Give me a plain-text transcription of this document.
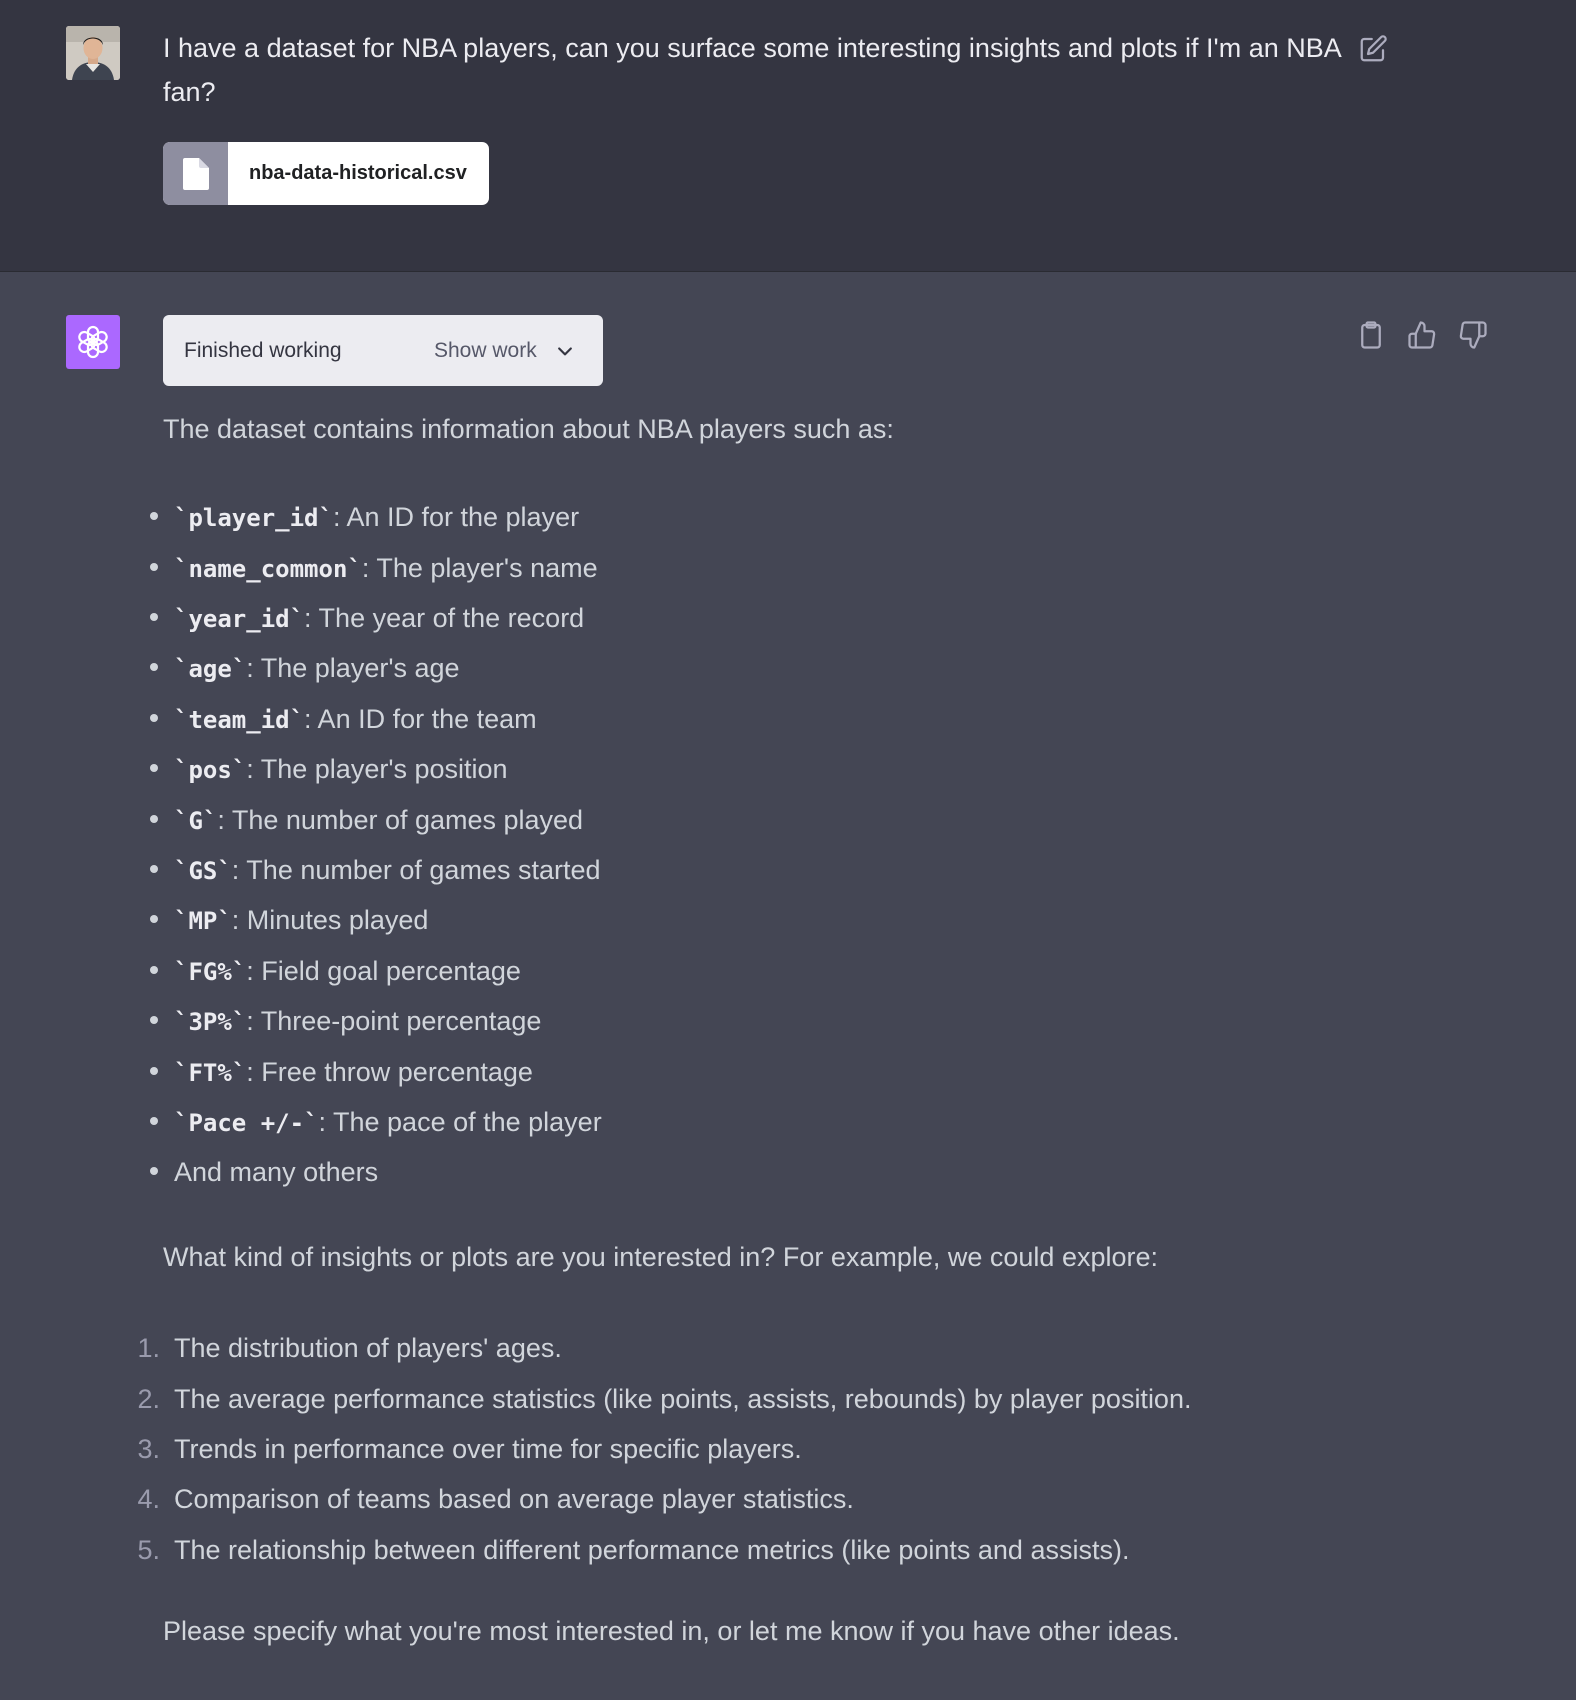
I have a dataset for NBA players, can you surface some interesting insights and plots if I'm an NBA fan?
nba-data-historical.csv
Finished working	Show work
The dataset contains information about NBA players such as:
`player_id`: An ID for the player
`name_common`: The player's name
`year_id`: The year of the record
`age`: The player's age
`team_id`: An ID for the team
`pos`: The player's position
`G`: The number of games played
`GS`: The number of games started
`MP`: Minutes played
`FG%`: Field goal percentage
`3P%`: Three-point percentage
`FT%`: Free throw percentage
`Pace +/-`: The pace of the player
And many others
What kind of insights or plots are you interested in? For example, we could explore:
1. The distribution of players' ages.
2. The average performance statistics (like points, assists, rebounds) by player position.
3. Trends in performance over time for specific players.
4. Comparison of teams based on average player statistics.
5. The relationship between different performance metrics (like points and assists).
Please specify what you're most interested in, or let me know if you have other ideas.
